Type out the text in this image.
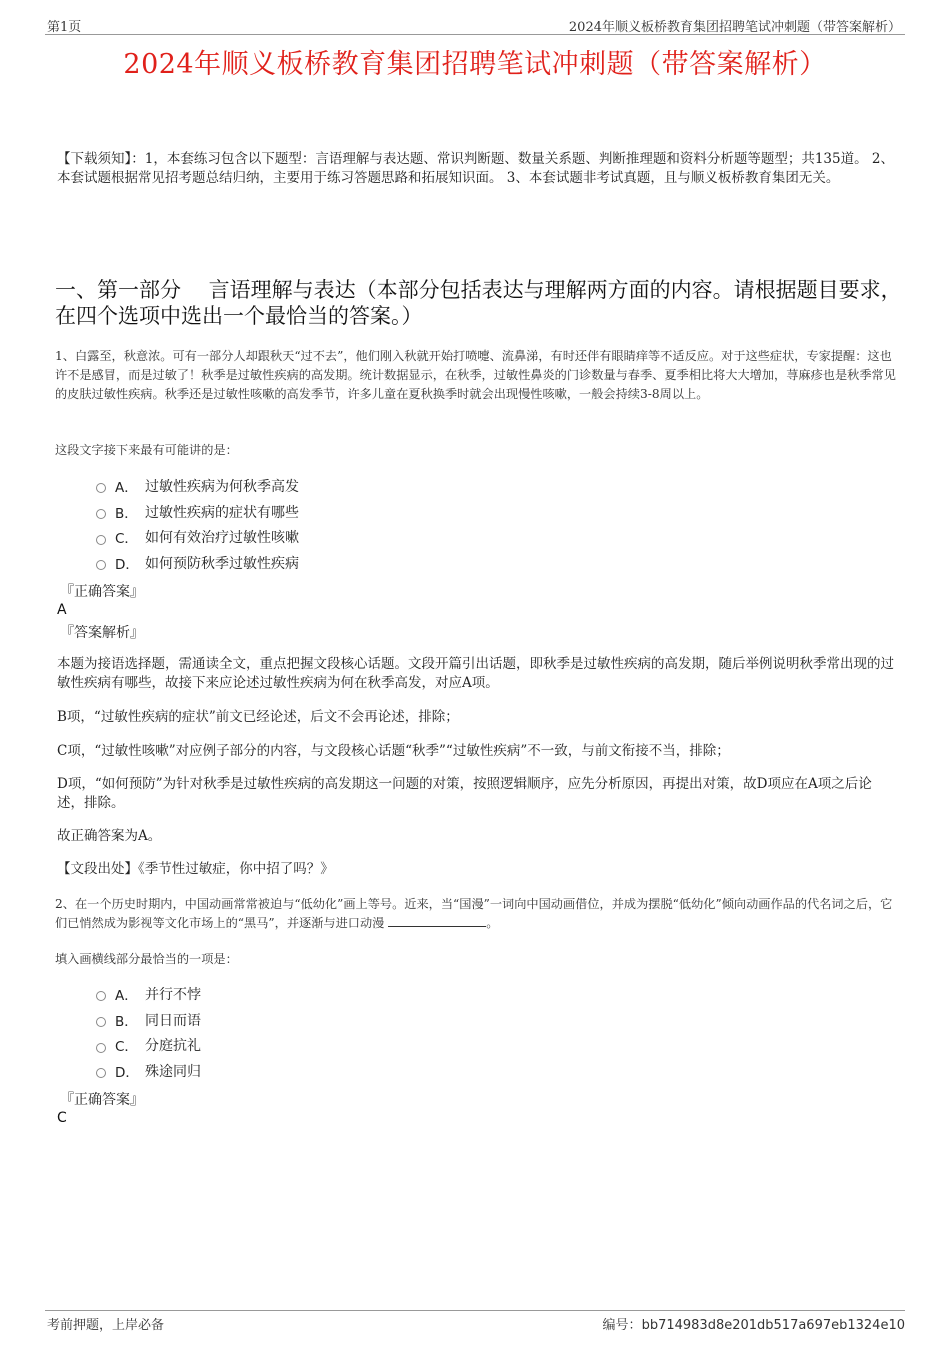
第1页	2024年顺义板桥教育集团招聘笔试冲刺题（带答案解析）
2024年顺义板桥教育集团招聘笔试冲刺题（带答案解析）
【下载须知】：1，本套练习包含以下题型：言语理解与表达题、常识判断题、数量关系题、判断推理题和资料分析题等题型；共135道。 2、本套试题根据常见招考题总结归纳，主要用于练习答题思路和拓展知识面。 3、本套试题非考试真题，且与顺义板桥教育集团无关。
一、第一部分　 言语理解与表达（本部分包括表达与理解两方面的内容。请根据题目要求，在四个选项中选出一个最恰当的答案。）
1、白露至，秋意浓。可有一部分人却跟秋天“过不去”，他们刚入秋就开始打喷嚏、流鼻涕，有时还伴有眼睛痒等不适反应。对于这些症状，专家提醒：这也许不是感冒，而是过敏了！秋季是过敏性疾病的高发期。统计数据显示，在秋季，过敏性鼻炎的门诊数量与春季、夏季相比将大大增加，荨麻疹也是秋季常见的皮肤过敏性疾病。秋季还是过敏性咳嗽的高发季节，许多儿童在夏秋换季时就会出现慢性咳嗽，一般会持续3-8周以上。
这段文字接下来最有可能讲的是：
A． 过敏性疾病为何秋季高发
B． 过敏性疾病的症状有哪些
C． 如何有效治疗过敏性咳嗽
D． 如何预防秋季过敏性疾病
『正确答案』
A
『答案解析』
本题为接语选择题，需通读全文，重点把握文段核心话题。文段开篇引出话题，即秋季是过敏性疾病的高发期，随后举例说明秋季常出现的过敏性疾病有哪些，故接下来应论述过敏性疾病为何在秋季高发，对应A项。
B项，“过敏性疾病的症状”前文已经论述，后文不会再论述，排除；
C项，“过敏性咳嗽”对应例子部分的内容，与文段核心话题“秋季”“过敏性疾病”不一致，与前文衔接不当，排除；
D项，“如何预防”为针对秋季是过敏性疾病的高发期这一问题的对策，按照逻辑顺序，应先分析原因，再提出对策，故D项应在A项之后论述，排除。
故正确答案为A。
【文段出处】《季节性过敏症，你中招了吗？》
2、在一个历史时期内，中国动画常常被迫与“低幼化”画上等号。近来，当“国漫”一词向中国动画借位，并成为摆脱“低幼化”倾向动画作品的代名词之后，它们已悄然成为影视等文化市场上的“黑马”，并逐渐与进口动漫	。
填入画横线部分最恰当的一项是：
A． 并行不悖
B． 同日而语
C． 分庭抗礼
D． 殊途同归
『正确答案』
C
考前押题，上岸必备	编号：bb714983d8e201db517a697eb1324e10
